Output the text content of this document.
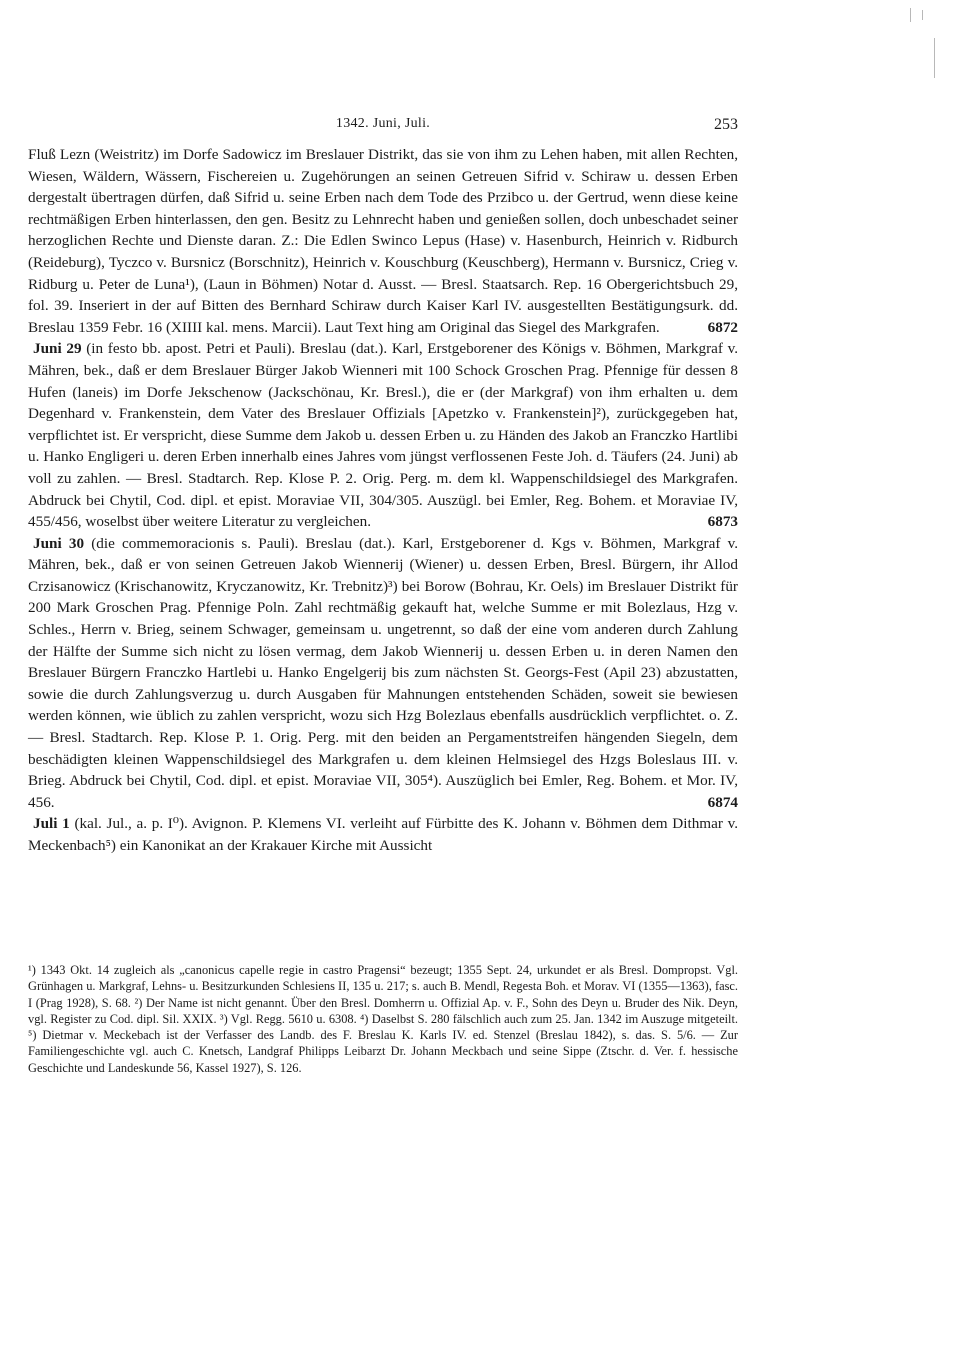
1342. Juni, Juli.	253

Fluß Lezn (Weistritz) im Dorfe Sadowicz im Breslauer Distrikt, das sie von ihm zu Lehen haben, mit allen Rechten, Wiesen, Wäldern, Wässern, Fischereien u. Zugehörungen an seinen Getreuen Sifrid v. Schiraw u. dessen Erben dergestalt übertragen dürfen, daß Sifrid u. seine Erben nach dem Tode des Przibco u. der Gertrud, wenn diese keine rechtmäßigen Erben hinterlassen, den gen. Besitz zu Lehnrecht haben und genießen sollen, doch unbeschadet seiner herzoglichen Rechte und Dienste daran. Z.: Die Edlen Swinco Lepus (Hase) v. Hasenburch, Heinrich v. Ridburch (Reideburg), Tyczco v. Bursnicz (Borschnitz), Heinrich v. Kouschburg (Keuschberg), Hermann v. Bursnicz, Crieg v. Ridburg u. Peter de Luna¹), (Laun in Böhmen) Notar d. Ausst. — Bresl. Staatsarch. Rep. 16 Obergerichtsbuch 29, fol. 39. Inseriert in der auf Bitten des Bernhard Schiraw durch Kaiser Karl IV. ausgestellten Bestätigungsurk. dd. Breslau 1359 Febr. 16 (XIIII kal. mens. Marcii). Laut Text hing am Original das Siegel des Markgrafen.	6872

Juni 29 (in festo bb. apost. Petri et Pauli). Breslau (dat.). Karl, Erstgeborener des Königs v. Böhmen, Markgraf v. Mähren, bek., daß er dem Breslauer Bürger Jakob Wienneri mit 100 Schock Groschen Prag. Pfennige für dessen 8 Hufen (laneis) im Dorfe Jekschenow (Jackschönau, Kr. Bresl.), die er (der Markgraf) von ihm erhalten u. dem Degenhard v. Frankenstein, dem Vater des Breslauer Offizials [Apetzko v. Frankenstein]²), zurückgegeben hat, verpflichtet ist. Er verspricht, diese Summe dem Jakob u. dessen Erben u. zu Händen des Jakob an Franczko Hartlibi u. Hanko Engligeri u. deren Erben innerhalb eines Jahres vom jüngst verflossenen Feste Joh. d. Täufers (24. Juni) ab voll zu zahlen. — Bresl. Stadtarch. Rep. Klose P. 2. Orig. Perg. m. dem kl. Wappenschildsiegel des Markgrafen. Abdruck bei Chytil, Cod. dipl. et epist. Moraviae VII, 304/305. Auszügl. bei Emler, Reg. Bohem. et Moraviae IV, 455/456, woselbst über weitere Literatur zu vergleichen.	6873

Juni 30 (die commemoracionis s. Pauli). Breslau (dat.). Karl, Erstgeborener d. Kgs v. Böhmen, Markgraf v. Mähren, bek., daß er von seinen Getreuen Jakob Wiennerij (Wiener) u. dessen Erben, Bresl. Bürgern, ihr Allod Crzisanowicz (Krischanowitz, Kryczanowitz, Kr. Trebnitz)³) bei Borow (Bohrau, Kr. Oels) im Breslauer Distrikt für 200 Mark Groschen Prag. Pfennige Poln. Zahl rechtmäßig gekauft hat, welche Summe er mit Bolezlaus, Hzg v. Schles., Herrn v. Brieg, seinem Schwager, gemeinsam u. ungetrennt, so daß der eine vom anderen durch Zahlung der Hälfte der Summe sich nicht zu lösen vermag, dem Jakob Wiennerij u. dessen Erben u. in deren Namen den Breslauer Bürgern Franczko Hartlebi u. Hanko Engelgerij bis zum nächsten St. Georgs-Fest (Apil 23) abzustatten, sowie die durch Zahlungsverzug u. durch Ausgaben für Mahnungen entstehenden Schäden, soweit sie bewiesen werden können, wie üblich zu zahlen verspricht, wozu sich Hzg Bolezlaus ebenfalls ausdrücklich verpflichtet. o. Z. — Bresl. Stadtarch. Rep. Klose P. 1. Orig. Perg. mit den beiden an Pergamentstreifen hängenden Siegeln, dem beschädigten kleinen Wappenschildsiegel des Markgrafen u. dem kleinen Helmsiegel des Hzgs Boleslaus III. v. Brieg. Abdruck bei Chytil, Cod. dipl. et epist. Moraviae VII, 305⁴). Auszüglich bei Emler, Reg. Bohem. et Mor. IV, 456.	6874

Juli 1 (kal. Jul., a. p. I⁰). Avignon. P. Klemens VI. verleiht auf Fürbitte des K. Johann v. Böhmen dem Dithmar v. Meckenbach⁵) ein Kanonikat an der Krakauer Kirche mit Aussicht

¹) 1343 Okt. 14 zugleich als „canonicus capelle regie in castro Pragensi“ bezeugt; 1355 Sept. 24, urkundet er als Bresl. Dompropst. Vgl. Grünhagen u. Markgraf, Lehns- u. Besitzurkunden Schlesiens II, 135 u. 217; s. auch B. Mendl, Regesta Boh. et Morav. VI (1355—1363), fasc. I (Prag 1928), S. 68. ²) Der Name ist nicht genannt. Über den Bresl. Domherrn u. Offizial Ap. v. F., Sohn des Deyn u. Bruder des Nik. Deyn, vgl. Register zu Cod. dipl. Sil. XXIX. ³) Vgl. Regg. 5610 u. 6308. ⁴) Daselbst S. 280 fälschlich auch zum 25. Jan. 1342 im Auszuge mitgeteilt. ⁵) Dietmar v. Meckebach ist der Verfasser des Landb. des F. Breslau K. Karls IV. ed. Stenzel (Breslau 1842), s. das. S. 5/6. — Zur Familiengeschichte vgl. auch C. Knetsch, Landgraf Philipps Leibarzt Dr. Johann Meckbach und seine Sippe (Ztschr. d. Ver. f. hessische Geschichte und Landeskunde 56, Kassel 1927), S. 126.
